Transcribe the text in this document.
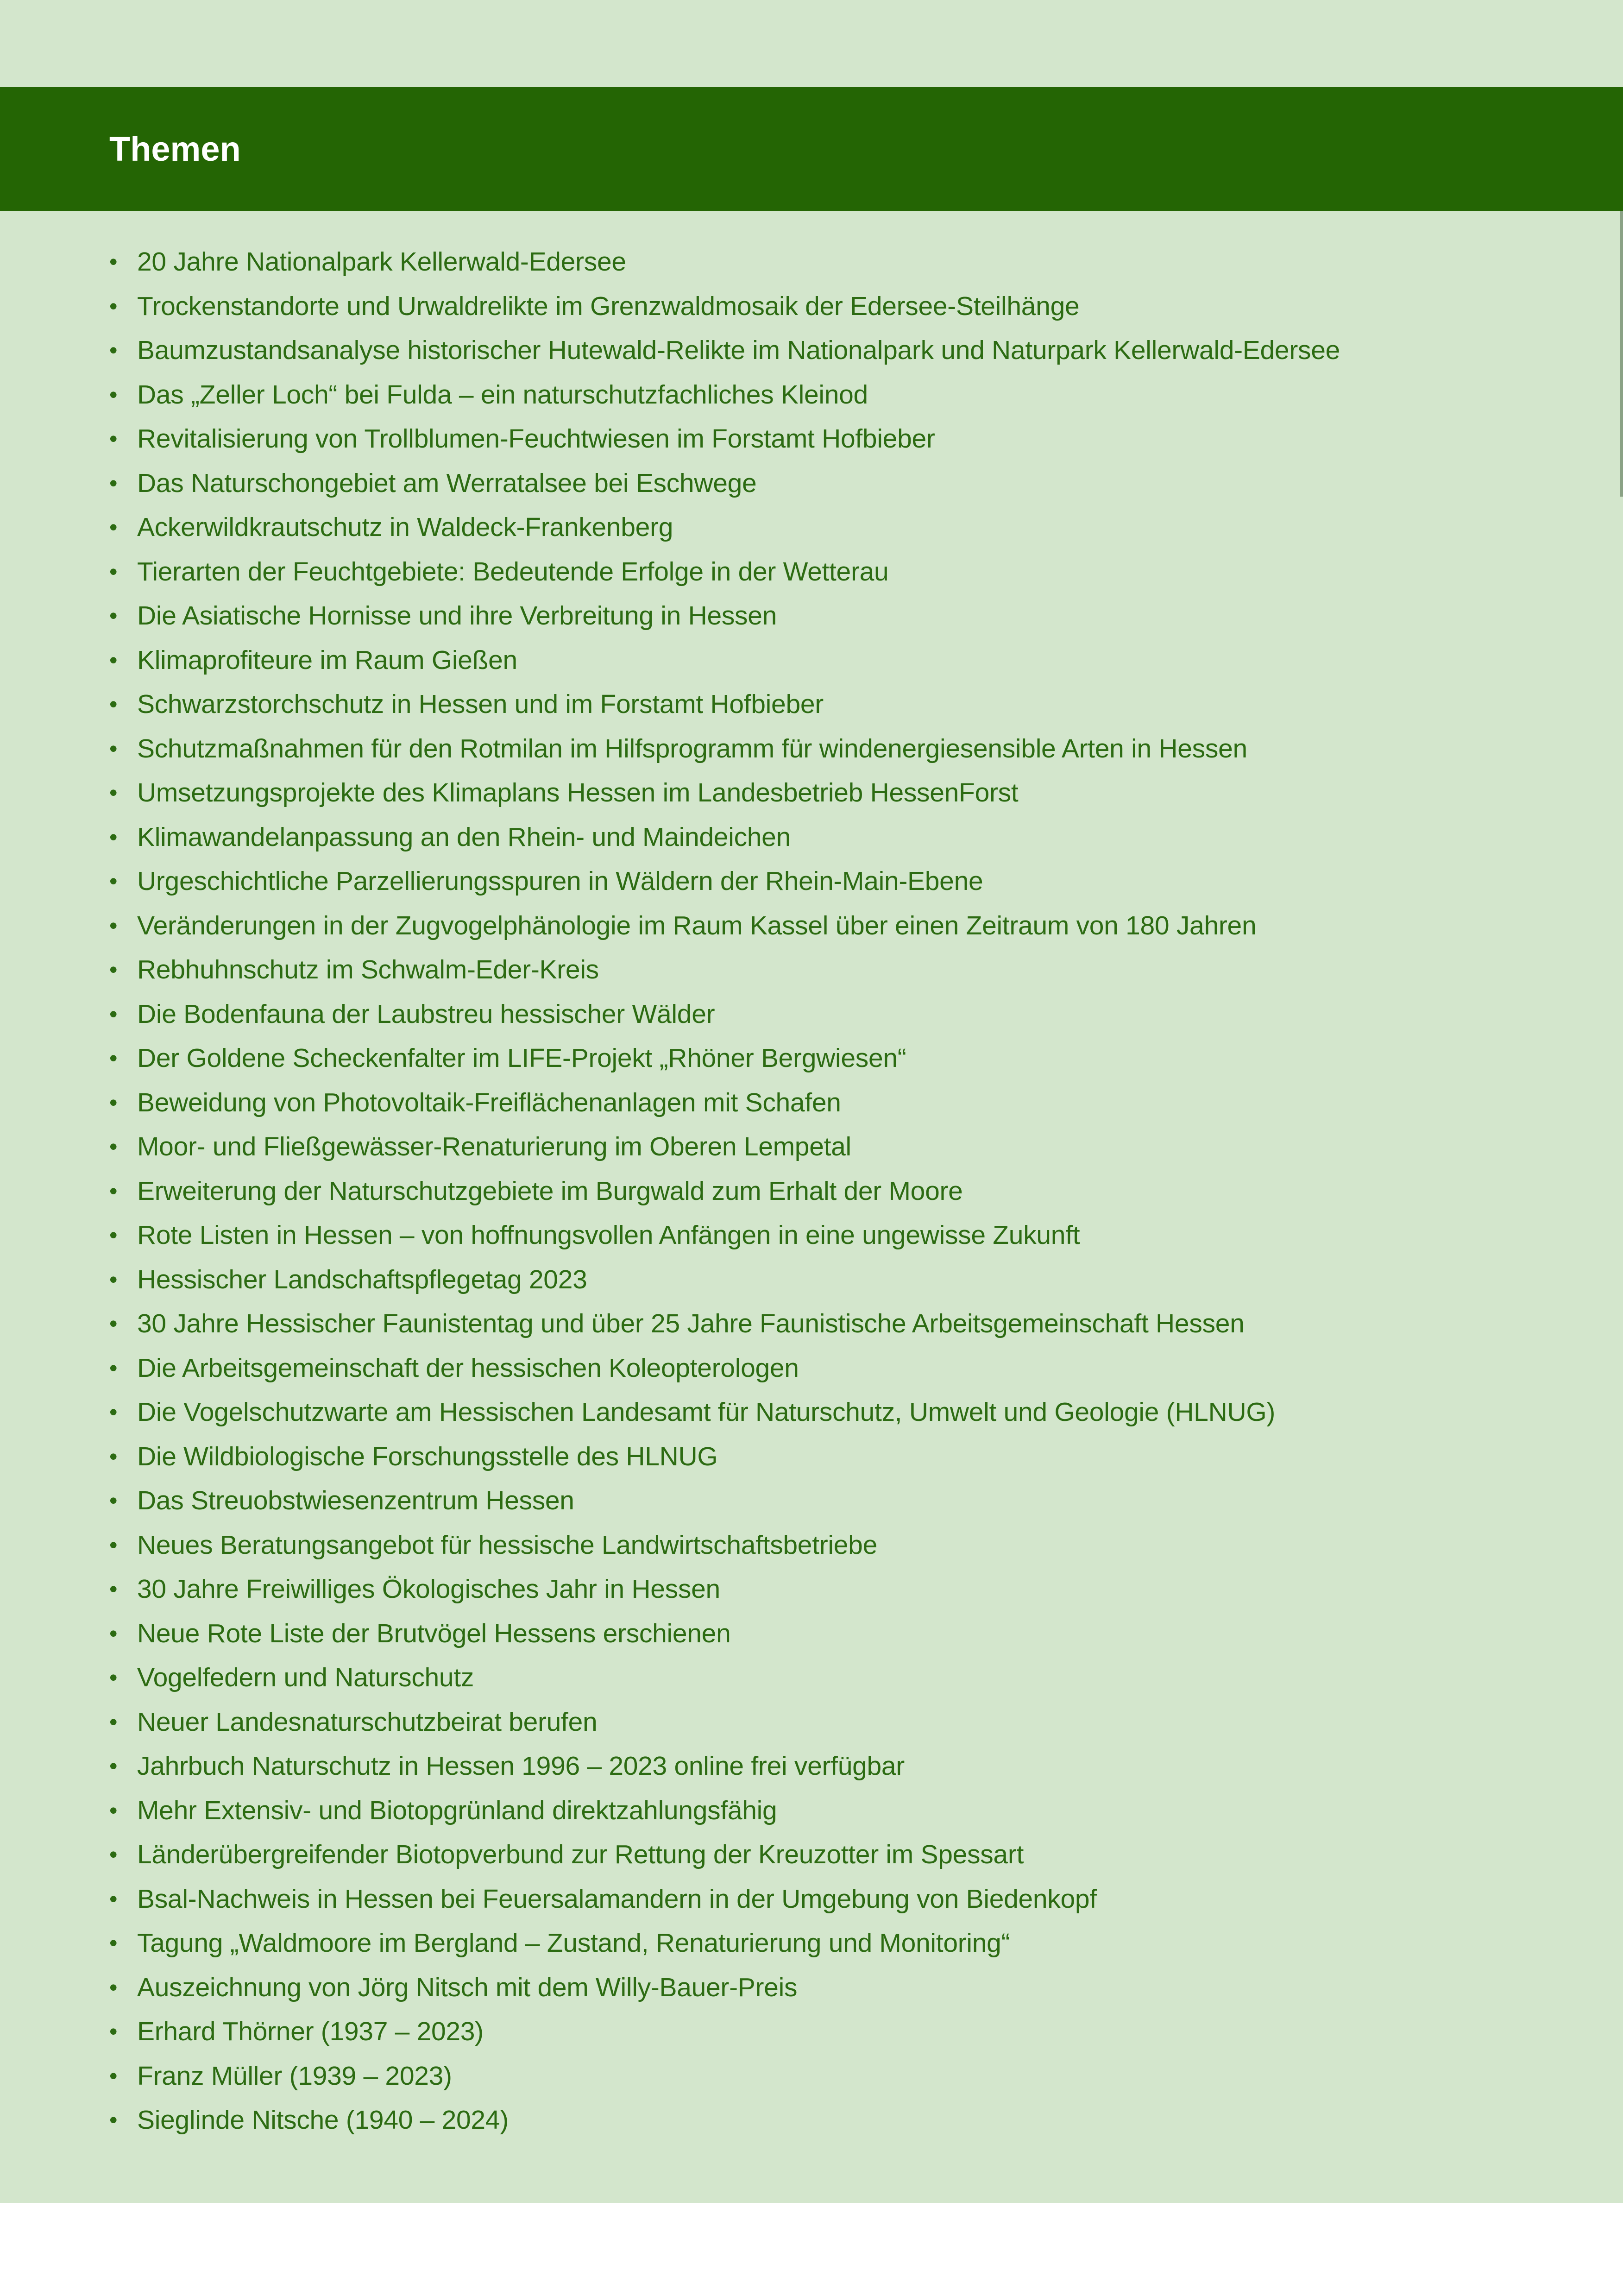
Themen
• 20 Jahre Nationalpark Kellerwald-Edersee
• Trockenstandorte und Urwaldrelikte im Grenzwaldmosaik der Edersee-Steilhänge
• Baumzustandsanalyse historischer Hutewald-Relikte im Nationalpark und Naturpark Kellerwald-Edersee
• Das „Zeller Loch“ bei Fulda – ein naturschutzfachliches Kleinod
• Revitalisierung von Trollblumen-Feuchtwiesen im Forstamt Hofbieber
• Das Naturschongebiet am Werratalsee bei Eschwege
• Ackerwildkrautschutz in Waldeck-Frankenberg
• Tierarten der Feuchtgebiete: Bedeutende Erfolge in der Wetterau
• Die Asiatische Hornisse und ihre Verbreitung in Hessen
• Klimaprofiteure im Raum Gießen
• Schwarzstorchschutz in Hessen und im Forstamt Hofbieber
• Schutzmaßnahmen für den Rotmilan im Hilfsprogramm für windenergiesensible Arten in Hessen
• Umsetzungsprojekte des Klimaplans Hessen im Landesbetrieb HessenForst
• Klimawandelanpassung an den Rhein- und Maindeichen
• Urgeschichtliche Parzellierungsspuren in Wäldern der Rhein-Main-Ebene
• Veränderungen in der Zugvogelphänologie im Raum Kassel über einen Zeitraum von 180 Jahren
• Rebhuhnschutz im Schwalm-Eder-Kreis
• Die Bodenfauna der Laubstreu hessischer Wälder
• Der Goldene Scheckenfalter im LIFE-Projekt „Rhöner Bergwiesen“
• Beweidung von Photovoltaik-Freiflächenanlagen mit Schafen
• Moor- und Fließgewässer-Renaturierung im Oberen Lempetal
• Erweiterung der Naturschutzgebiete im Burgwald zum Erhalt der Moore
• Rote Listen in Hessen – von hoffnungsvollen Anfängen in eine ungewisse Zukunft
• Hessischer Landschaftspflegetag 2023
• 30 Jahre Hessischer Faunistentag und über 25 Jahre Faunistische Arbeitsgemeinschaft Hessen
• Die Arbeitsgemeinschaft der hessischen Koleopterologen
• Die Vogelschutzwarte am Hessischen Landesamt für Naturschutz, Umwelt und Geologie (HLNUG)
• Die Wildbiologische Forschungsstelle des HLNUG
• Das Streuobstwiesenzentrum Hessen
• Neues Beratungsangebot für hessische Landwirtschaftsbetriebe
• 30 Jahre Freiwilliges Ökologisches Jahr in Hessen
• Neue Rote Liste der Brutvögel Hessens erschienen
• Vogelfedern und Naturschutz
• Neuer Landesnaturschutzbeirat berufen
• Jahrbuch Naturschutz in Hessen 1996 – 2023 online frei verfügbar
• Mehr Extensiv- und Biotopgrünland direktzahlungsfähig
• Länderübergreifender Biotopverbund zur Rettung der Kreuzotter im Spessart
• Bsal-Nachweis in Hessen bei Feuersalamandern in der Umgebung von Biedenkopf
• Tagung „Waldmoore im Bergland – Zustand, Renaturierung und Monitoring“
• Auszeichnung von Jörg Nitsch mit dem Willy-Bauer-Preis
• Erhard Thörner (1937 – 2023)
• Franz Müller (1939 – 2023)
• Sieglinde Nitsche (1940 – 2024)
